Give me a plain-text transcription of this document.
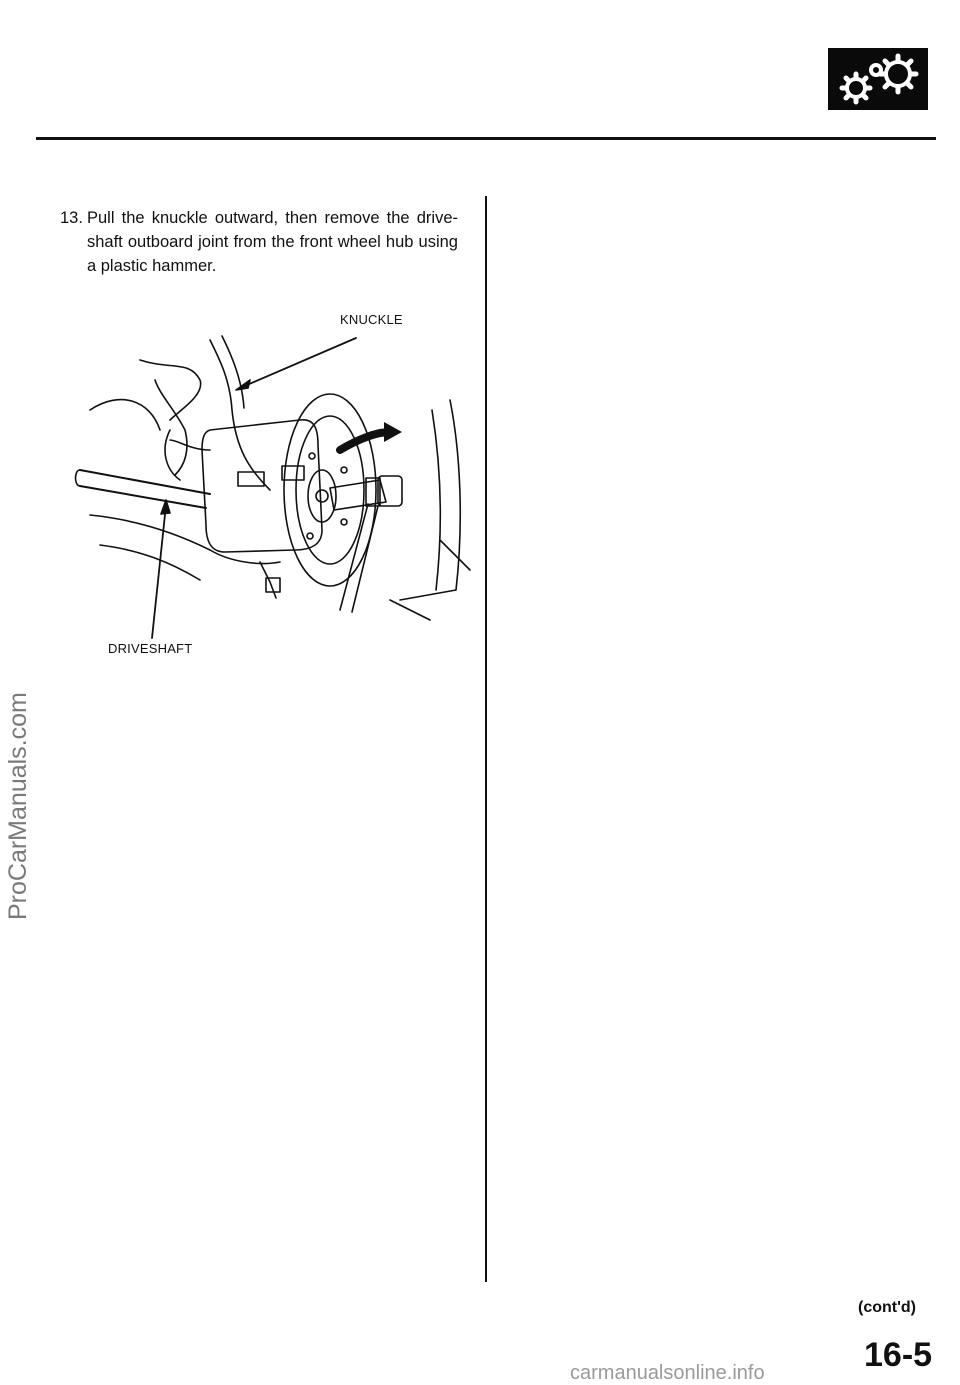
13. Pull the knuckle outward, then remove the drive-shaft outboard joint from the front wheel hub using a plastic hammer.
KNUCKLE
DRIVESHAFT
ProCarManuals.com
(cont'd)
16-5
carmanualsonline.info
